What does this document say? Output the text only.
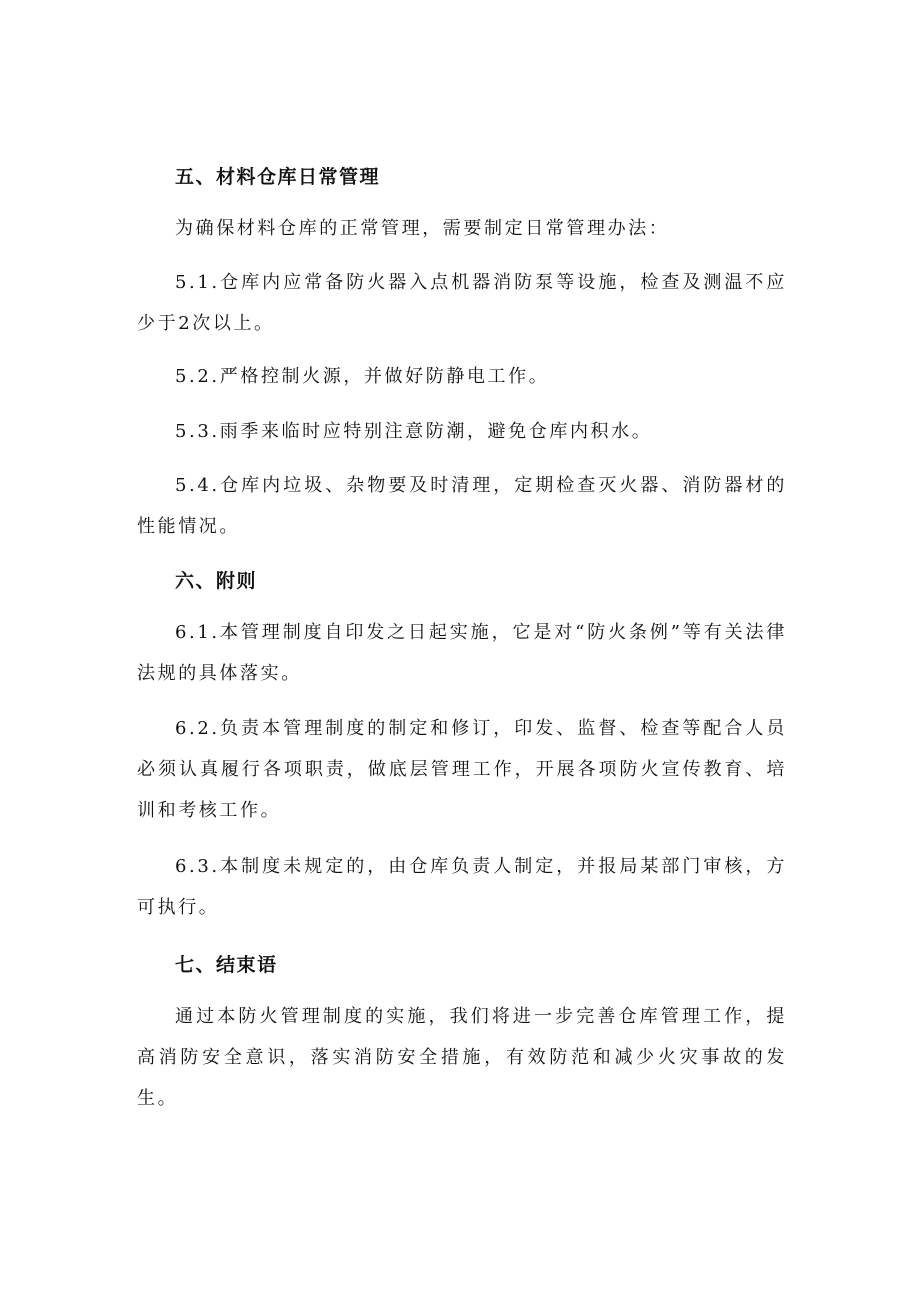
五、材料仓库日常管理

为确保材料仓库的正常管理，需要制定日常管理办法：

5.1.仓库内应常备防火器入点机器消防泵等设施，检查及测温不应少于2次以上。

5.2.严格控制火源，并做好防静电工作。

5.3.雨季来临时应特别注意防潮，避免仓库内积水。

5.4.仓库内垃圾、杂物要及时清理，定期检查灭火器、消防器材的性能情况。

六、附则

6.1.本管理制度自印发之日起实施，它是对“防火条例”等有关法律法规的具体落实。

6.2.负责本管理制度的制定和修订，印发、监督、检查等配合人员必须认真履行各项职责，做底层管理工作，开展各项防火宣传教育、培训和考核工作。

6.3.本制度未规定的，由仓库负责人制定，并报局某部门审核，方可执行。

七、结束语

通过本防火管理制度的实施，我们将进一步完善仓库管理工作，提高消防安全意识，落实消防安全措施，有效防范和减少火灾事故的发生。
